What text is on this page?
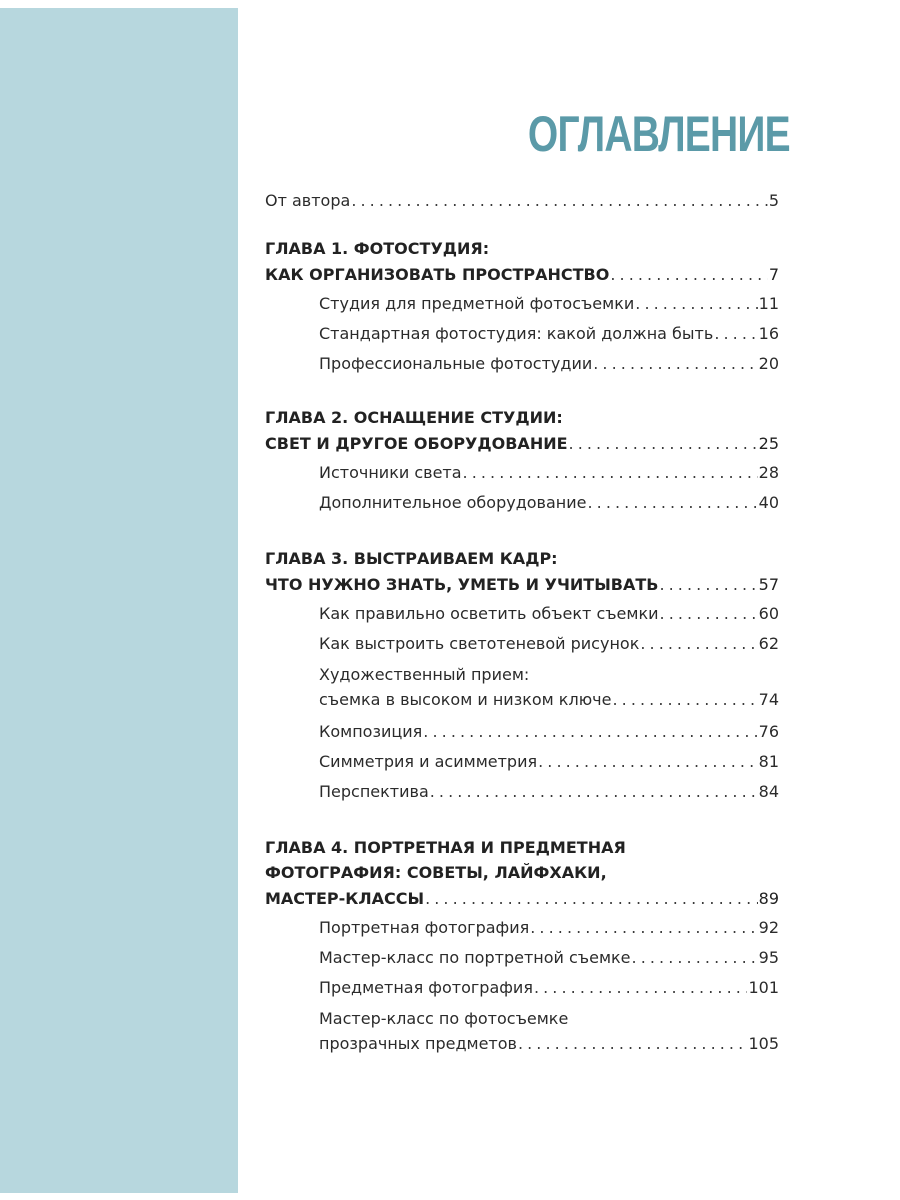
ОГЛАВЛЕНИЕ
От автора . . .	5
ГЛАВА 1. ФОТОСТУДИЯ:
КАК ОРГАНИЗОВАТЬ ПРОСТРАНСТВО . . .	7
Студия для предметной фотосъемки . . .	11
Стандартная фотостудия: какой должна быть . . .	16
Профессиональные фотостудии . . .	20
ГЛАВА 2. ОСНАЩЕНИЕ СТУДИИ:
СВЕТ И ДРУГОЕ ОБОРУДОВАНИЕ . . .	25
Источники света . . .	28
Дополнительное оборудование . . .	40
ГЛАВА 3. ВЫСТРАИВАЕМ КАДР:
ЧТО НУЖНО ЗНАТЬ, УМЕТЬ И УЧИТЫВАТЬ . . .	57
Как правильно осветить объект съемки . . .	60
Как выстроить светотеневой рисунок . . .	62
Художественный прием:
съемка в высоком и низком ключе . . .	74
Композиция . . .	76
Симметрия и асимметрия . . .	81
Перспектива . . .	84
ГЛАВА 4. ПОРТРЕТНАЯ И ПРЕДМЕТНАЯ
ФОТОГРАФИЯ: СОВЕТЫ, ЛАЙФХАКИ,
МАСТЕР-КЛАССЫ . . .	89
Портретная фотография . . .	92
Мастер-класс по портретной съемке . . .	95
Предметная фотография . . .	101
Мастер-класс по фотосъемке
прозрачных предметов . . .	105
